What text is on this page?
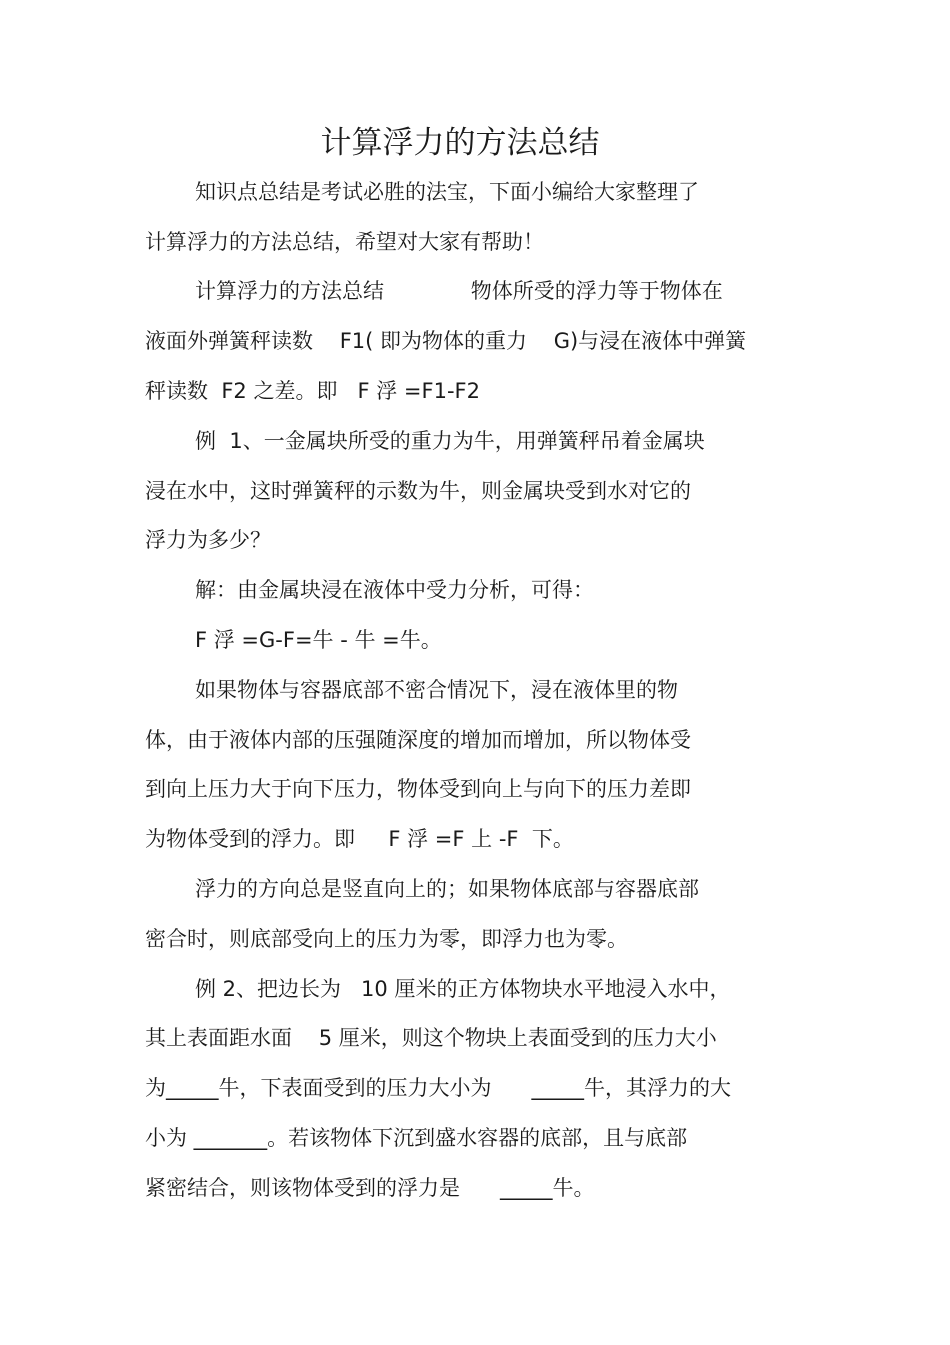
计算浮力的方法总结
知识点总结是考试必胜的法宝，下面小编给大家整理了
计算浮力的方法总结，希望对大家有帮助！
计算浮力的方法总结             物体所受的浮力等于物体在
液面外弹簧秤读数    F1( 即为物体的重力    G)与浸在液体中弹簧
秤读数  F2 之差。即   F 浮 =F1-F2
例  1、一金属块所受的重力为牛，用弹簧秤吊着金属块
浸在水中，这时弹簧秤的示数为牛，则金属块受到水对它的
浮力为多少？
解：由金属块浸在液体中受力分析，可得：
F 浮 =G-F=牛 - 牛 =牛。
如果物体与容器底部不密合情况下，浸在液体里的物
体，由于液体内部的压强随深度的增加而增加，所以物体受
到向上压力大于向下压力，物体受到向上与向下的压力差即
为物体受到的浮力。即     F 浮 =F 上 -F  下。
浮力的方向总是竖直向上的；如果物体底部与容器底部
密合时，则底部受向上的压力为零，即浮力也为零。
例 2、把边长为   10 厘米的正方体物块水平地浸入水中，
其上表面距水面    5 厘米，则这个物块上表面受到的压力大小
为_____牛，下表面受到的压力大小为      _____牛，其浮力的大
小为 _______。若该物体下沉到盛水容器的底部，且与底部
紧密结合，则该物体受到的浮力是      _____牛。
